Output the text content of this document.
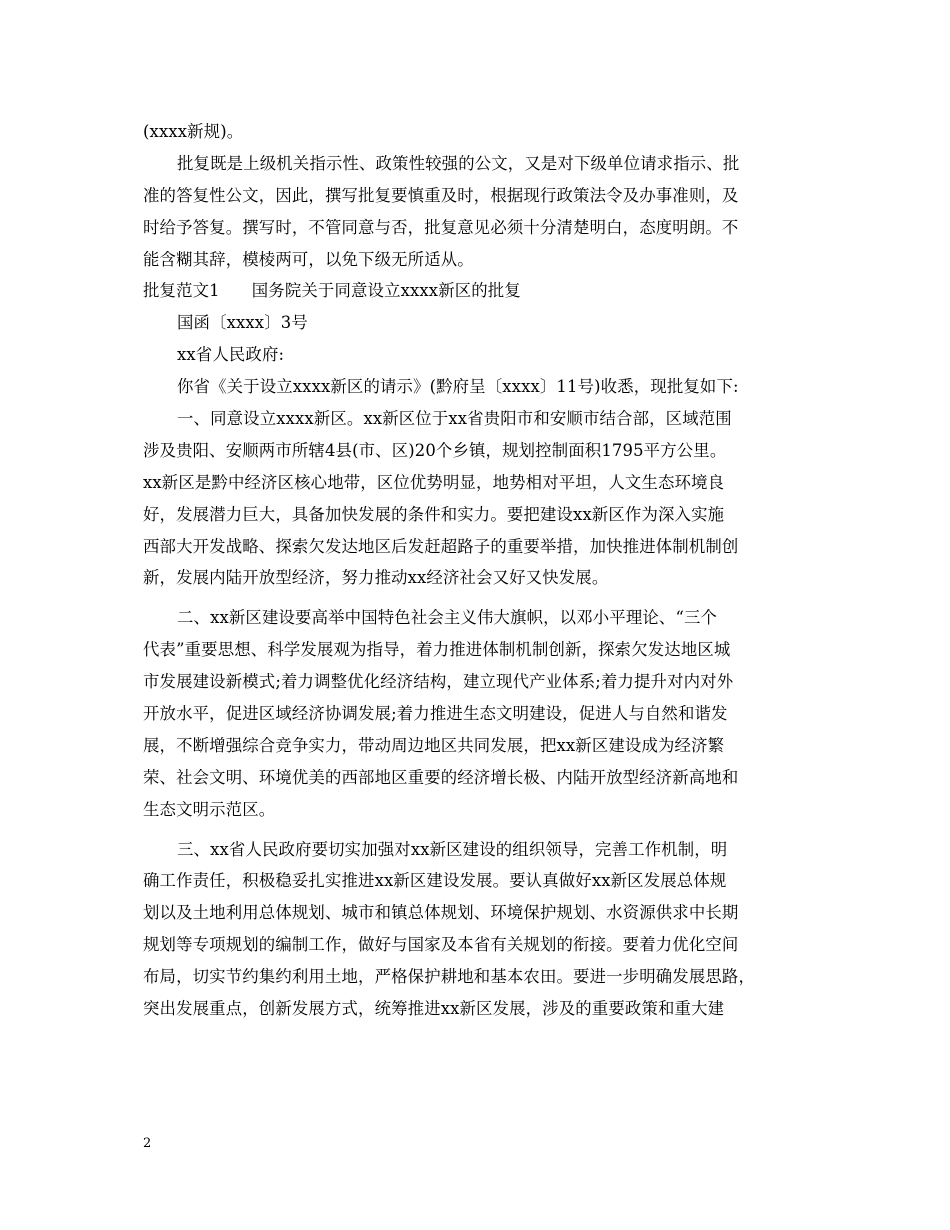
(xxxx新规)。
批复既是上级机关指示性、政策性较强的公文，又是对下级单位请求指示、批
准的答复性公文，因此，撰写批复要慎重及时，根据现行政策法令及办事准则，及
时给予答复。撰写时，不管同意与否，批复意见必须十分清楚明白，态度明朗。不
能含糊其辞，模棱两可，以免下级无所适从。
批复范文1 国务院关于同意设立xxxx新区的批复
国函〔xxxx〕3号
xx省人民政府:
你省《关于设立xxxx新区的请示》(黔府呈〔xxxx〕11号)收悉，现批复如下:
一、同意设立xxxx新区。xx新区位于xx省贵阳市和安顺市结合部，区域范围
涉及贵阳、安顺两市所辖4县(市、区)20个乡镇，规划控制面积1795平方公里。
xx新区是黔中经济区核心地带，区位优势明显，地势相对平坦，人文生态环境良
好，发展潜力巨大，具备加快发展的条件和实力。要把建设xx新区作为深入实施
西部大开发战略、探索欠发达地区后发赶超路子的重要举措，加快推进体制机制创
新，发展内陆开放型经济，努力推动xx经济社会又好又快发展。
二、xx新区建设要高举中国特色社会主义伟大旗帜，以邓小平理论、“三个
代表”重要思想、科学发展观为指导，着力推进体制机制创新，探索欠发达地区城
市发展建设新模式;着力调整优化经济结构，建立现代产业体系;着力提升对内对外
开放水平，促进区域经济协调发展;着力推进生态文明建设，促进人与自然和谐发
展，不断增强综合竞争实力，带动周边地区共同发展，把xx新区建设成为经济繁
荣、社会文明、环境优美的西部地区重要的经济增长极、内陆开放型经济新高地和
生态文明示范区。
三、xx省人民政府要切实加强对xx新区建设的组织领导，完善工作机制，明
确工作责任，积极稳妥扎实推进xx新区建设发展。要认真做好xx新区发展总体规
划以及土地利用总体规划、城市和镇总体规划、环境保护规划、水资源供求中长期
规划等专项规划的编制工作，做好与国家及本省有关规划的衔接。要着力优化空间
布局，切实节约集约利用土地，严格保护耕地和基本农田。要进一步明确发展思路，
突出发展重点，创新发展方式，统筹推进xx新区发展，涉及的重要政策和重大建
2
